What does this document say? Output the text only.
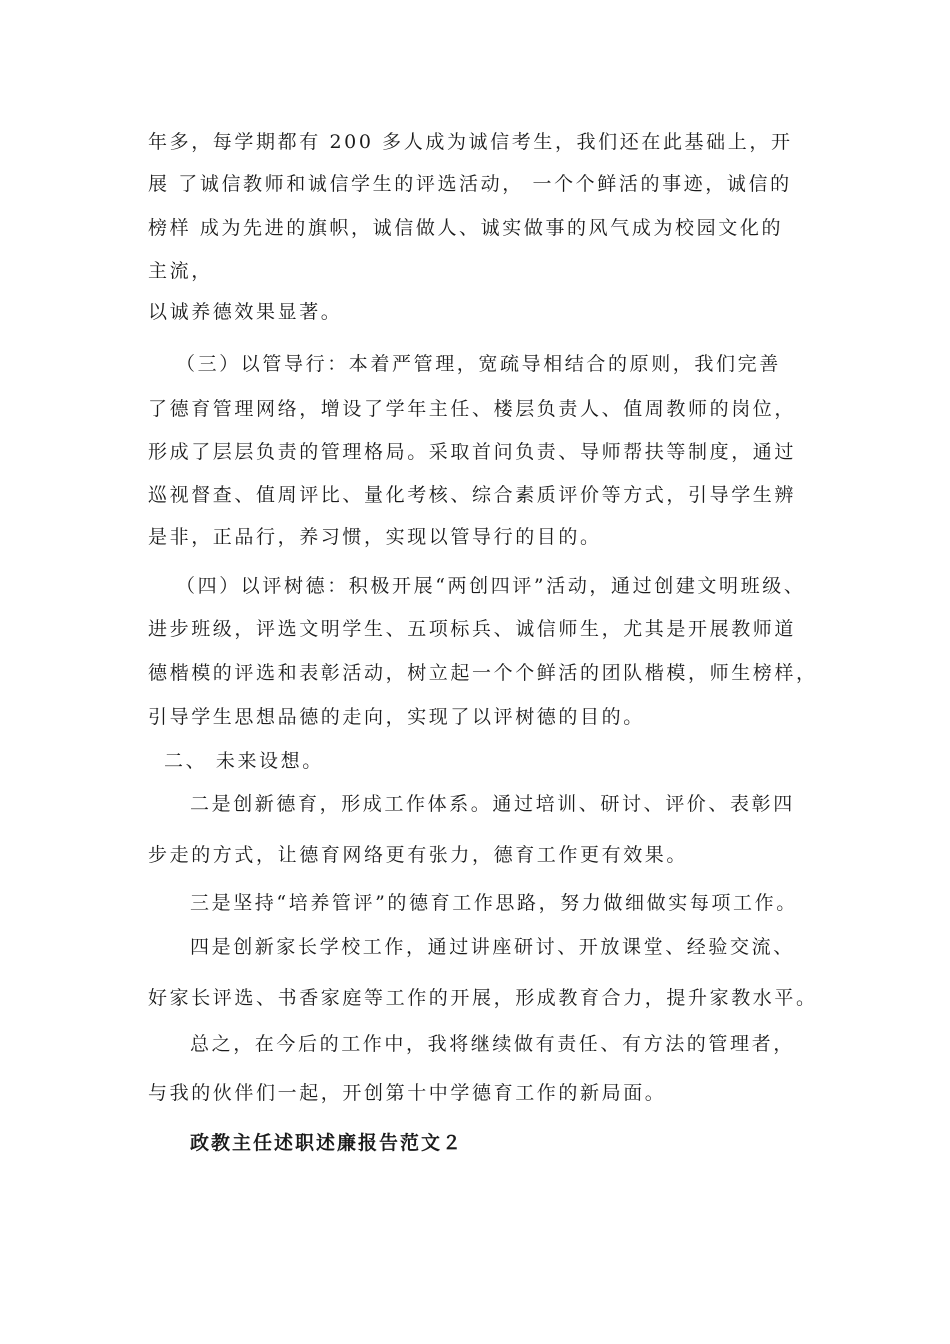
年多，每学期都有 200 多人成为诚信考生，我们还在此基础上，开
展 了诚信教师和诚信学生的评选活动， 一个个鲜活的事迹，诚信的
榜样 成为先进的旗帜，诚信做人、诚实做事的风气成为校园文化的
主流，
以诚养德效果显著。
（三）以管导行：本着严管理，宽疏导相结合的原则，我们完善
了德育管理网络，增设了学年主任、楼层负责人、值周教师的岗位，
形成了层层负责的管理格局。采取首问负责、导师帮扶等制度，通过
巡视督查、值周评比、量化考核、综合素质评价等方式，引导学生辨
是非，正品行，养习惯，实现以管导行的目的。
（四）以评树德：积极开展“两创四评”活动，通过创建文明班级、
进步班级，评选文明学生、五项标兵、诚信师生，尤其是开展教师道
德楷模的评选和表彰活动，树立起一个个鲜活的团队楷模，师生榜样，
引导学生思想品德的走向，实现了以评树德的目的。
二、 未来设想。
二是创新德育，形成工作体系。通过培训、研讨、评价、表彰四
步走的方式，让德育网络更有张力，德育工作更有效果。
三是坚持“培养管评”的德育工作思路，努力做细做实每项工作。
四是创新家长学校工作，通过讲座研讨、开放课堂、经验交流、
好家长评选、书香家庭等工作的开展，形成教育合力，提升家教水平。
总之，在今后的工作中，我将继续做有责任、有方法的管理者，
与我的伙伴们一起，开创第十中学德育工作的新局面。
政教主任述职述廉报告范文２
